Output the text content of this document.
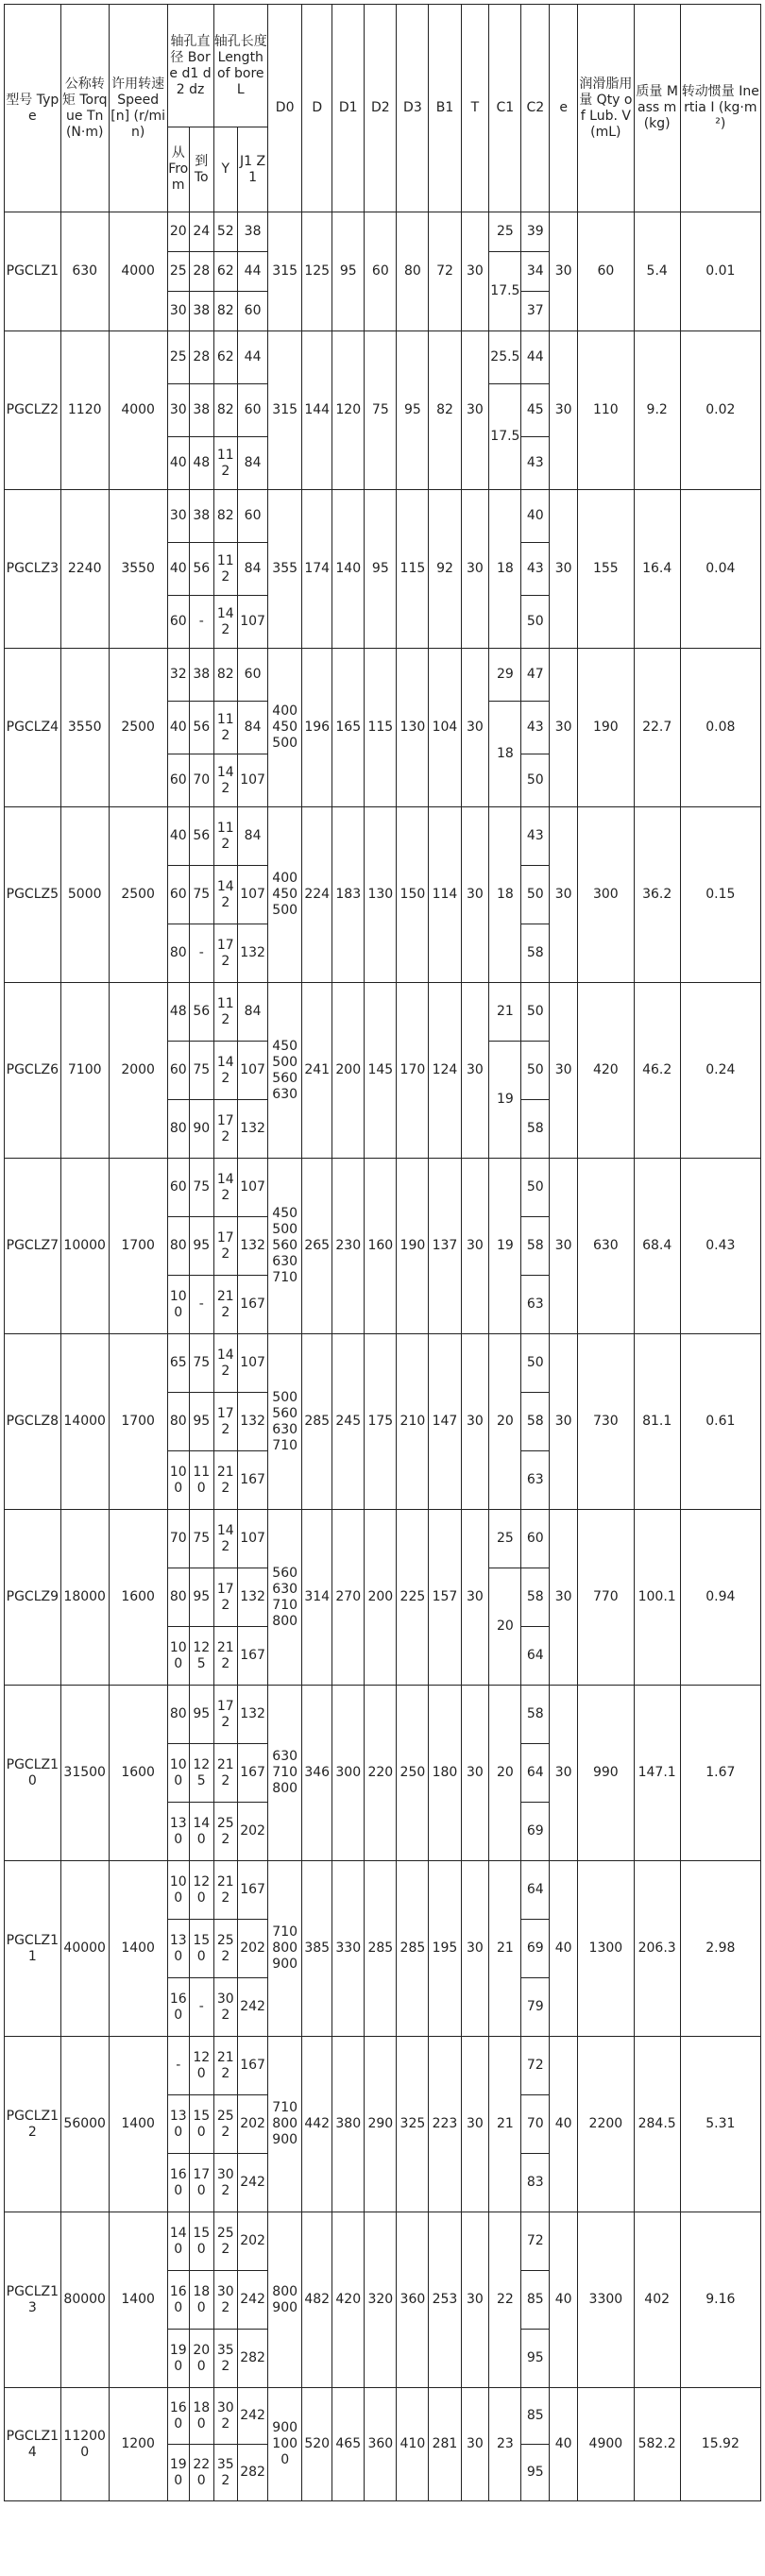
型号 Type	公称转矩 Torque Tn (N·m)	许用转速 Speed [n] (r/min)	轴孔直径 Bore d1 d2 dz		轴孔长度 Length of bore L		D0	D	D1	D2	D3	B1	T	C1	C2	e	润滑脂用量 Qty of Lub. V (mL)	质量 Mass m (kg)	转动惯量 Inertia I (kg·m²)
			从 From	到 To	Y	J1 Z1													
PGCLZ1	630	4000	20	24	52	38	315	125	95	60	80	72	30	25	39	30	60	5.4	0.01
			25	28	62	44								17.5	34				
			30	38	82	60									37				
PGCLZ2	1120	4000	25	28	62	44	315	144	120	75	95	82	30	25.5	44	30	110	9.2	0.02
			30	38	82	60								17.5	45				
			40	48	112	84									43				
PGCLZ3	2240	3550	30	38	82	60	355	174	140	95	115	92	30	18	40	30	155	16.4	0.04
			40	56	112	84									43				
			60	-	142	107									50				
PGCLZ4	3550	2500	32	38	82	60	400 450 500	196	165	115	130	104	30	29	47	30	190	22.7	0.08
			40	56	112	84								18	43				
			60	70	142	107									50				
PGCLZ5	5000	2500	40	56	112	84	400 450 500	224	183	130	150	114	30	18	43	30	300	36.2	0.15
			60	75	142	107									50				
			80	-	172	132									58				
PGCLZ6	7100	2000	48	56	112	84	450 500 560 630	241	200	145	170	124	30	21	50	30	420	46.2	0.24
			60	75	142	107								19	50				
			80	90	172	132									58				
PGCLZ7	10000	1700	60	75	142	107	450 500 560 630 710	265	230	160	190	137	30	19	50	30	630	68.4	0.43
			80	95	172	132									58				
			100	-	212	167									63				
PGCLZ8	14000	1700	65	75	142	107	500 560 630 710	285	245	175	210	147	30	20	50	30	730	81.1	0.61
			80	95	172	132									58				
			100	110	212	167									63				
PGCLZ9	18000	1600	70	75	142	107	560 630 710 800	314	270	200	225	157	30	25	60	30	770	100.1	0.94
			80	95	172	132								20	58				
			100	125	212	167									64				
PGCLZ10	31500	1600	80	95	172	132	630 710 800	346	300	220	250	180	30	20	58	30	990	147.1	1.67
			100	125	212	167									64				
			130	140	252	202									69				
PGCLZ11	40000	1400	100	120	212	167	710 800 900	385	330	285	285	195	30	21	64	40	1300	206.3	2.98
			130	150	252	202									69				
			160	-	302	242									79				
PGCLZ12	56000	1400	-	120	212	167	710 800 900	442	380	290	325	223	30	21	72	40	2200	284.5	5.31
			130	150	252	202									70				
			160	170	302	242									83				
PGCLZ13	80000	1400	140	150	252	202	800 900	482	420	320	360	253	30	22	72	40	3300	402	9.16
			160	180	302	242									85				
			190	200	352	282									95				
PGCLZ14	112000	1200	160	180	302	242	900 1000	520	465	360	410	281	30	23	85	40	4900	582.2	15.92
			190	220	352	282									95				
